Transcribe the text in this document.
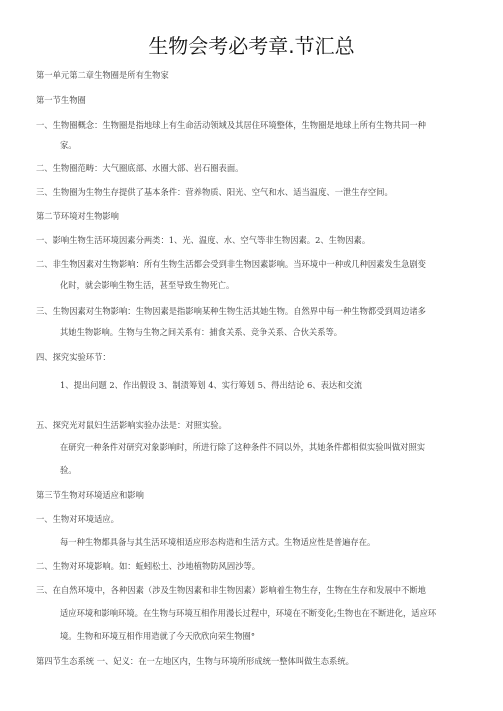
生物会考必考章.节汇总
第一单元第二章生物圈是所有生物家
第一节生物圈
一、生物圈概念：生物圈是指地球上有生命活动领域及其居住环境整体，生物圈是地球上所有生物共同一种
家。
二、生物圈范畴：大气圈底部、水圈大部、岩石圈表面。
三、生物圈为生物生存提供了基本条件：营养物质、阳光、空气和水、适当温度、一泄生存空间。
第二节环境对生物影响
一、影响生物生活环境因素分两类：1、光、温度、水、空气等非生物因素。2、生物因素。
二、非生物因素对生物影响：所有生物生活都会受到非生物因素影响。当环境中一种或几种因素发生急剧变
化时，就会影响生物生活，甚至导致生物死亡。
三、生物因素对生物影响：生物因素是指影响某种生物生活其她生物。自然界中每一种生物都受到周边诸多
其她生物影响。生物与生物之间关系有：捕食关系、竞争关系、合伙关系等。
四、探究实验环节：
1、提出问题 2、作出假设 3、制渍筹划 4、实行筹划 5、得出结论 6、表达和交流
五、探究光对鼠妇生活影响实验办法是：对照实验。
在研究一种条件对研究对象影响时，所进行除了这种条件不同以外，其她条件都相似实验叫做对照实
验。
第三节生物对环境适应和影响
一、生物对环境适应。
每一种生物都具备与其生活环境相适应形态构造和生活方式。生物适应性是普遍存在。
二、生物对环境影响。如：蚯蚓松土、沙地植物防风固沙等。
三、在自然环境中，各种因素（涉及生物因素和非生物因素）影响着生物生存，生物在生存和发展中不断地
适应环境和影响环境。在生物与环境互相作用漫长过程中，环境在不断变化;生物也在不断进化，适应环
境。生物和环境互相作用造就了今天欣欣向荣生物圈°
第四节生态系统 一、妃义：在一左地区内，生物与环境所形成统一整体叫做生态系统。
